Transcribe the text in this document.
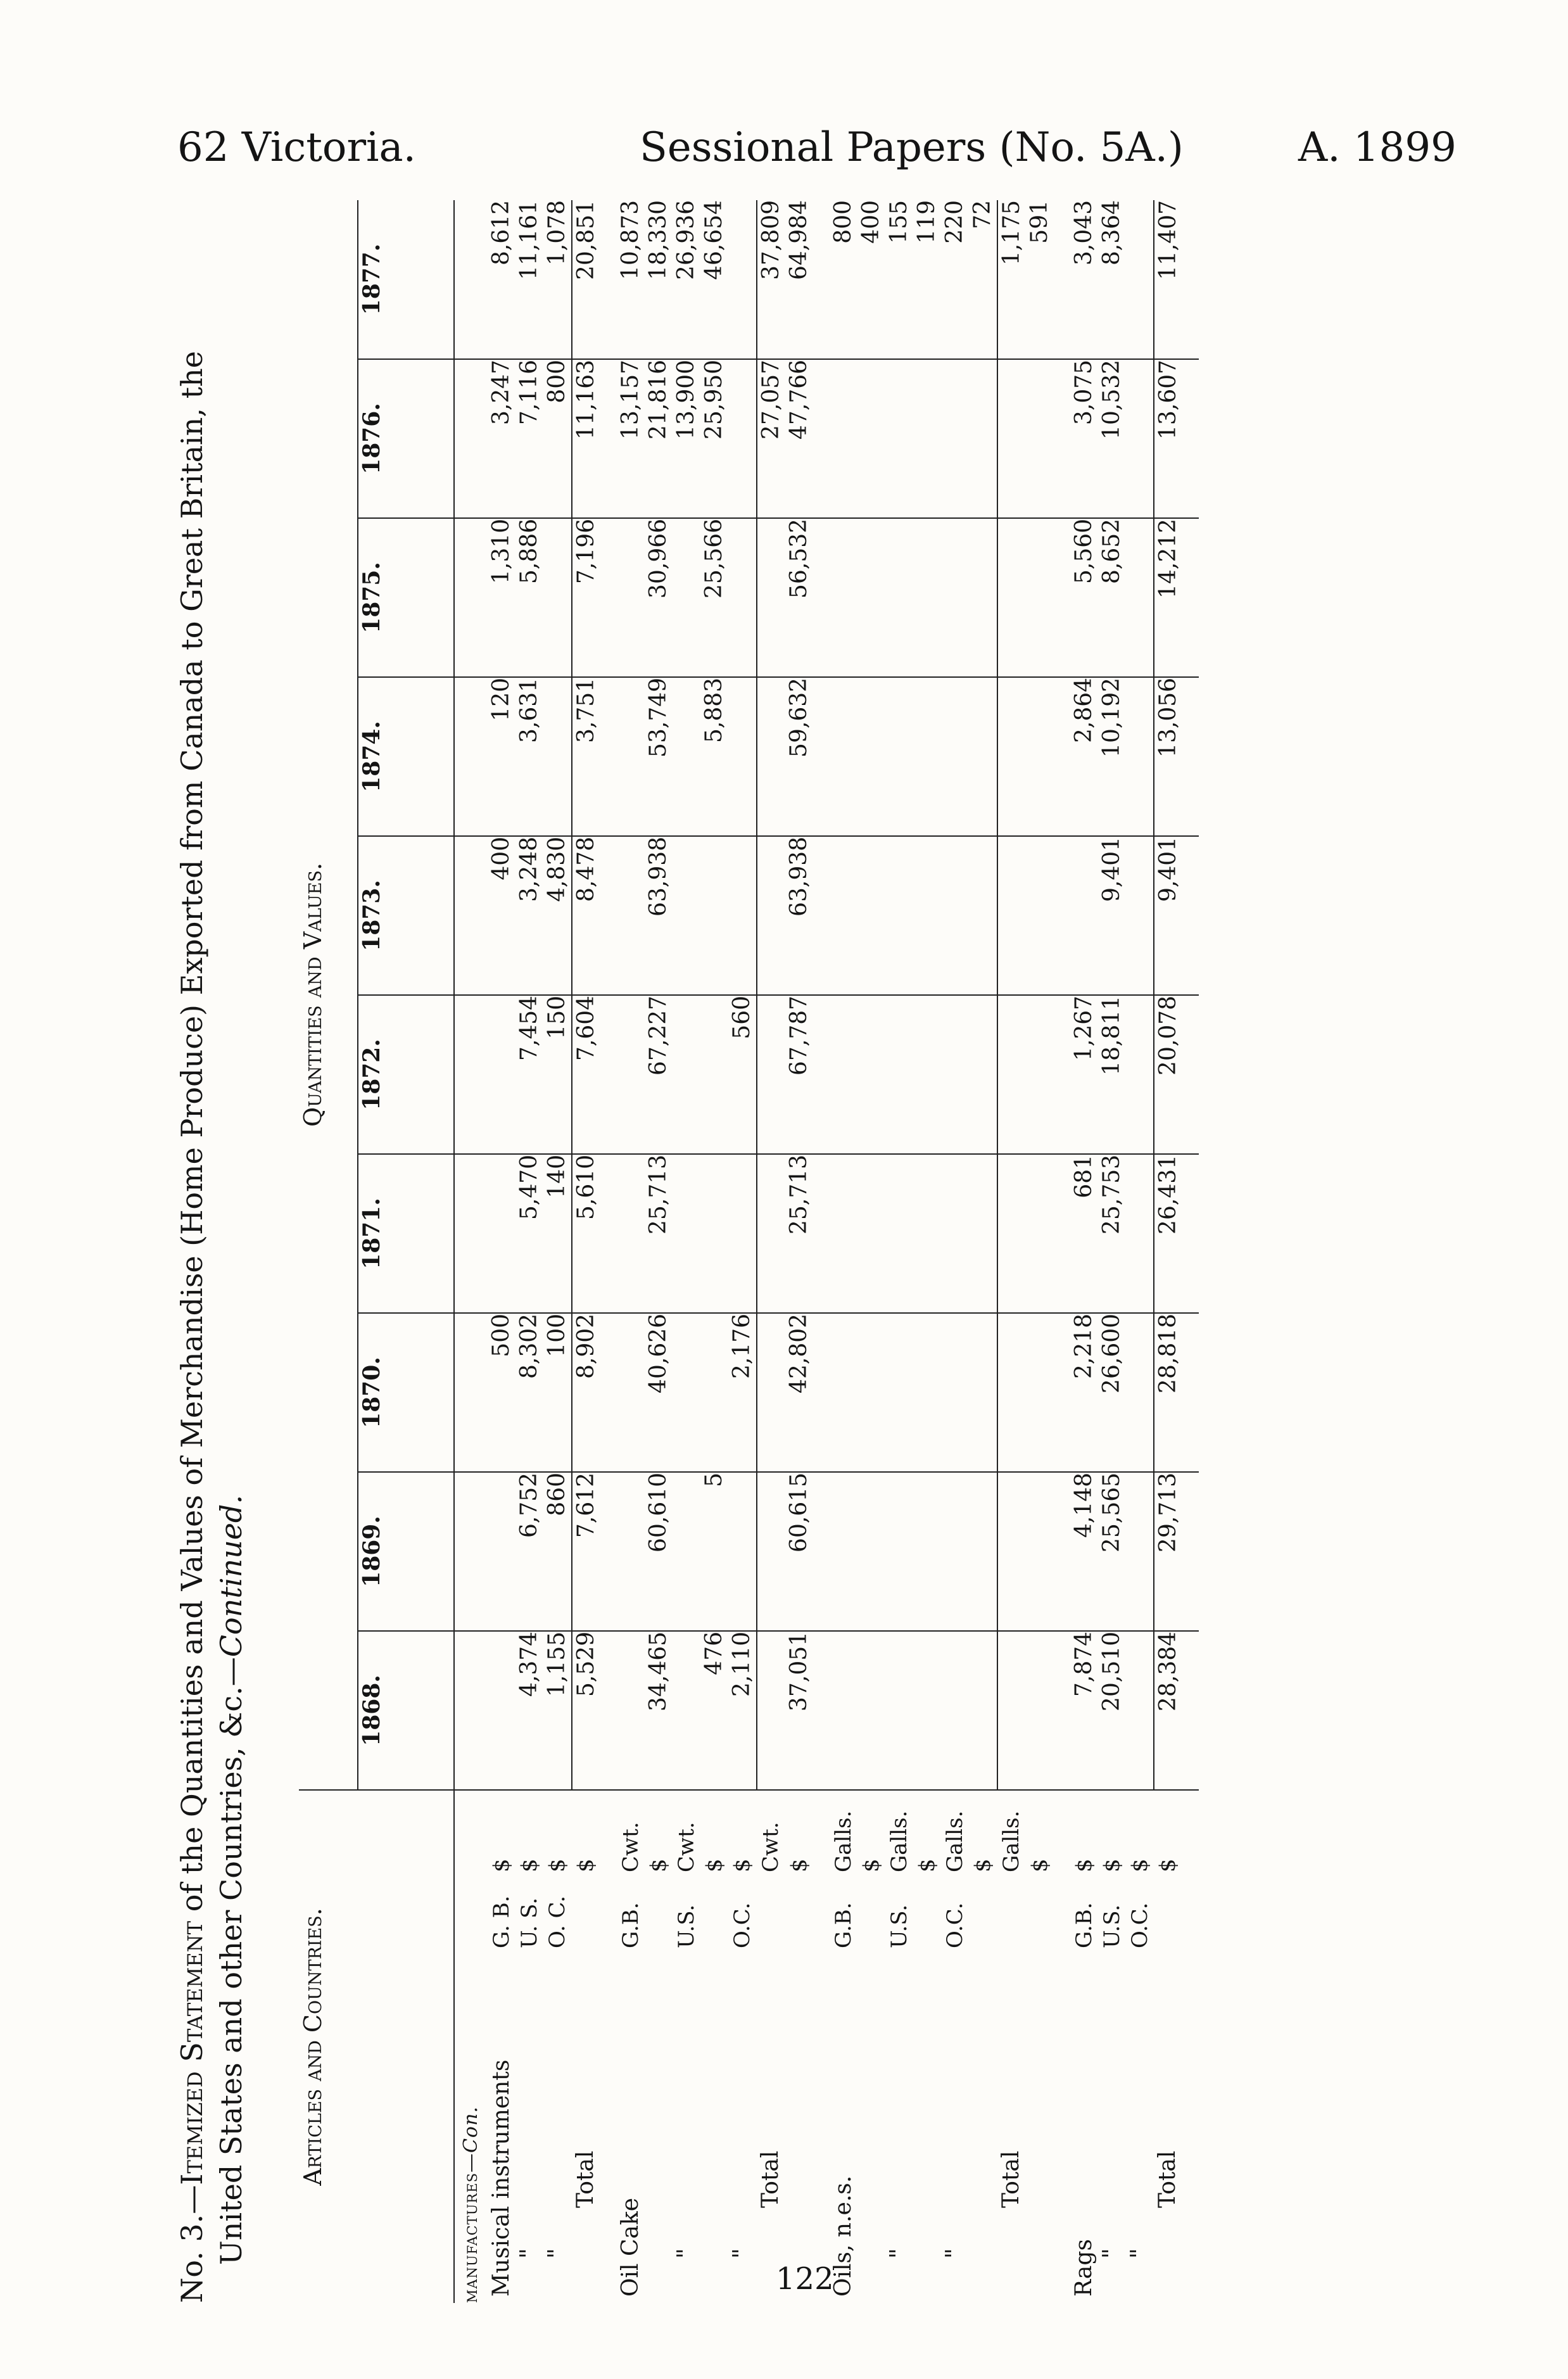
62 Victoria.	Sessional Papers (No. 5A.)	A. 1899
No. 3.—Itemized Statement of the Quantities and Values of Merchandise (Home Produce) Exported from Canada to Great Britain, the
United States and other Countries, &c.—Continued.
Articles and Countries.			Quantities and Values.									
			1868.	1869.	1870.	1871.	1872.	1873.	1874.	1875.	1876.	1877.
manufactures—Con.												
Musical instruments	G. B.	$			500			400	120	1,310	3,247	8,612
"	U. S.	$	4,374	6,752	8,302	5,470	7,454	3,248	3,631	5,886	7,116	11,161
"	O. C.	$	1,155	860	100	140	150	4,830			800	1,078
Total		$	5,529	7,612	8,902	5,610	7,604	8,478	3,751	7,196	11,163	20,851

Oil Cake	G.B.	Cwt.									13,157	10,873
		$	34,465	60,610	40,626	25,713	67,227	63,938	53,749	30,966	21,816	18,330
"	U.S.	Cwt.									13,900	26,936
		$	476	5					5,883	25,566	25,950	46,654
"	O.C.	$	2,110		2,176		560					
Total		Cwt.									27,057	37,809
		$	37,051	60,615	42,802	25,713	67,787	63,938	59,632	56,532	47,766	64,984

Oils, n.e.s.	G.B.	Galls.										800
		$										400
"	U.S.	Galls.										155
		$										119
"	O.C.	Galls.										220
		$										72
Total		Galls.										1,175
		$										591

Rags	G.B.	$	7,874	4,148	2,218	681	1,267		2,864	5,560	3,075	3,043
"	U.S.	$	20,510	25,565	26,600	25,753	18,811	9,401	10,192	8,652	10,532	8,364
"	O.C.	$										
Total		$	28,384	29,713	28,818	26,431	20,078	9,401	13,056	14,212	13,607	11,407

122
